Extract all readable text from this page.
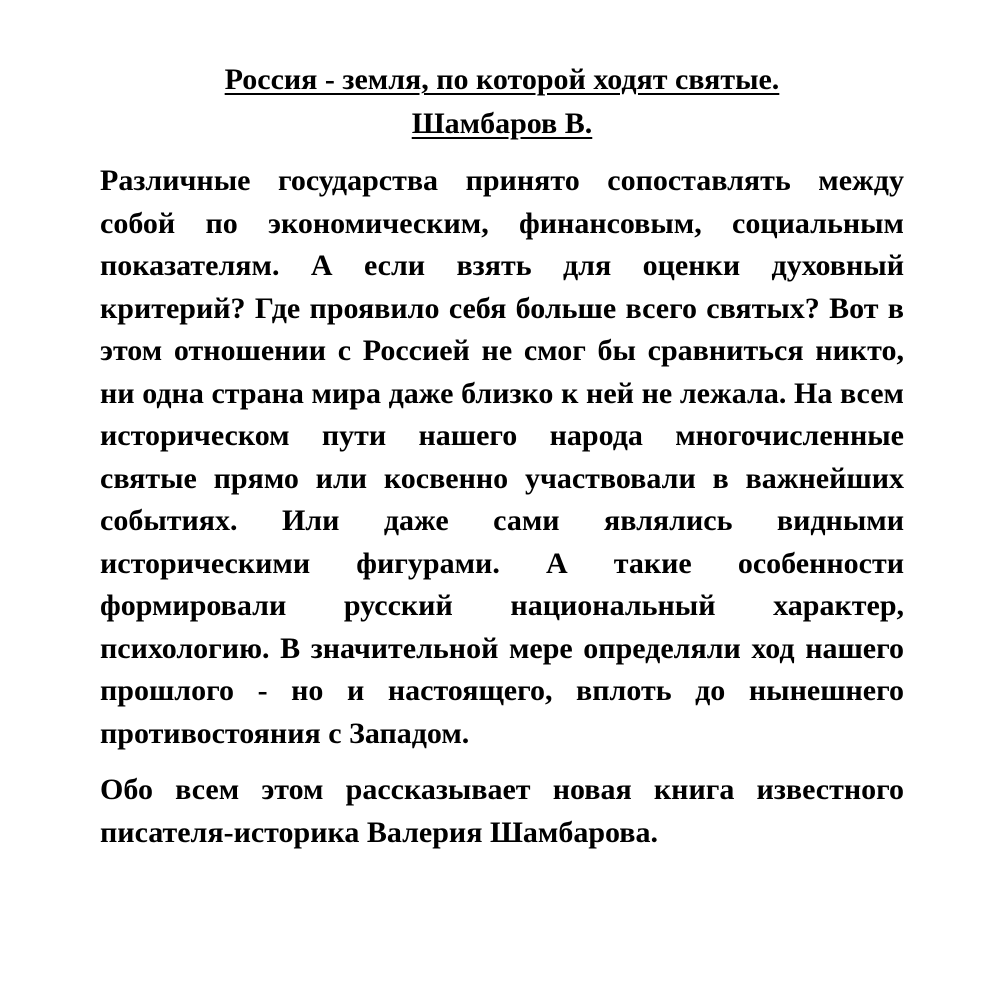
Россия - земля, по которой ходят святые.

Шамбаров В.

Различные государства принято сопоставлять между собой по экономическим, финансовым, социальным показателям. А если взять для оценки духовный критерий? Где проявило себя больше всего святых? Вот в этом отношении с Россией не смог бы сравниться никто, ни одна страна мира даже близко к ней не лежала. На всем историческом пути нашего народа многочисленные святые прямо или косвенно участвовали в важнейших событиях. Или даже сами являлись видными историческими фигурами. А такие особенности формировали русский национальный характер, психологию. В значительной мере определяли ход нашего прошлого - но и настоящего, вплоть до нынешнего противостояния с Западом.

Обо всем этом рассказывает новая книга известного писателя-историка Валерия Шамбарова.
